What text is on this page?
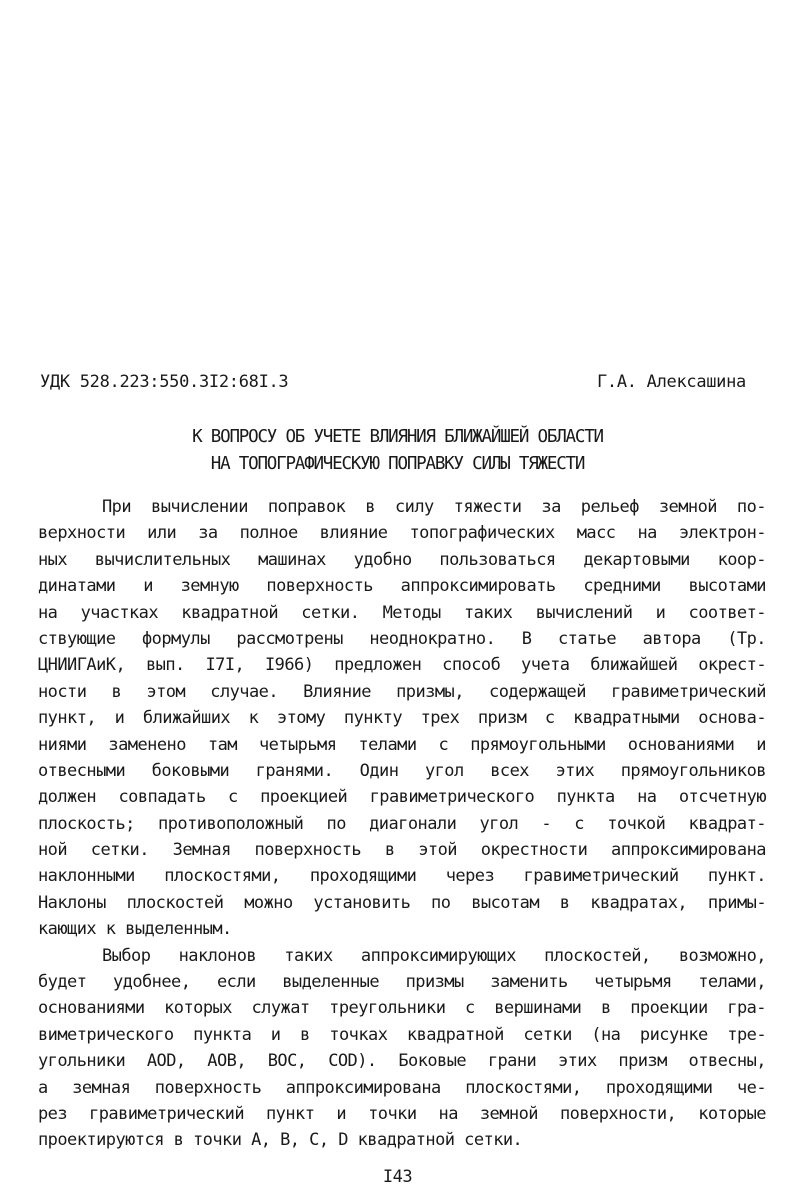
УДК 528.223:550.3I2:68I.3	Г.А. Алексашина
К ВОПРОСУ ОБ УЧЕТЕ ВЛИЯНИЯ БЛИЖАЙШЕЙ ОБЛАСТИ
НА ТОПОГРАФИЧЕСКУЮ ПОПРАВКУ СИЛЫ ТЯЖЕСТИ
При вычислении поправок в силу тяжести за рельеф земной по-
верхности или за полное влияние топографических масс на электрон-
ных вычислительных машинах удобно пользоваться декартовыми коор-
динатами и земную поверхность аппроксимировать средними высотами
на участках квадратной сетки. Методы таких вычислений и соответ-
ствующие формулы рассмотрены неоднократно. В статье автора (Тр.
ЦНИИГАиК, вып. I7I, I966) предложен способ учета ближайшей окрест-
ности в этом случае. Влияние призмы, содержащей гравиметрический
пункт, и ближайших к этому пункту трех призм с квадратными основа-
ниями заменено там четырьмя телами с прямоугольными основаниями и
отвесными боковыми гранями. Один угол всех этих прямоугольников
должен совпадать с проекцией гравиметрического пункта на отсчетную
плоскость; противоположный по диагонали угол - с точкой квадрат-
ной сетки. Земная поверхность в этой окрестности аппроксимирована
наклонными плоскостями, проходящими через гравиметрический пункт.
Наклоны плоскостей можно установить по высотам в квадратах, примы-
кающих к выделенным.
Выбор наклонов таких аппроксимирующих плоскостей, возможно,
будет удобнее, если выделенные призмы заменить четырьмя телами,
основаниями которых служат треугольники с вершинами в проекции гра-
виметрического пункта и в точках квадратной сетки (на рисунке тре-
угольники АОD, АОВ, ВОС, СОD). Боковые грани этих призм отвесны,
а земная поверхность аппроксимирована плоскостями, проходящими че-
рез гравиметрический пункт и точки на земной поверхности, которые
проектируются в точки А, В, С, D квадратной сетки.
I43
